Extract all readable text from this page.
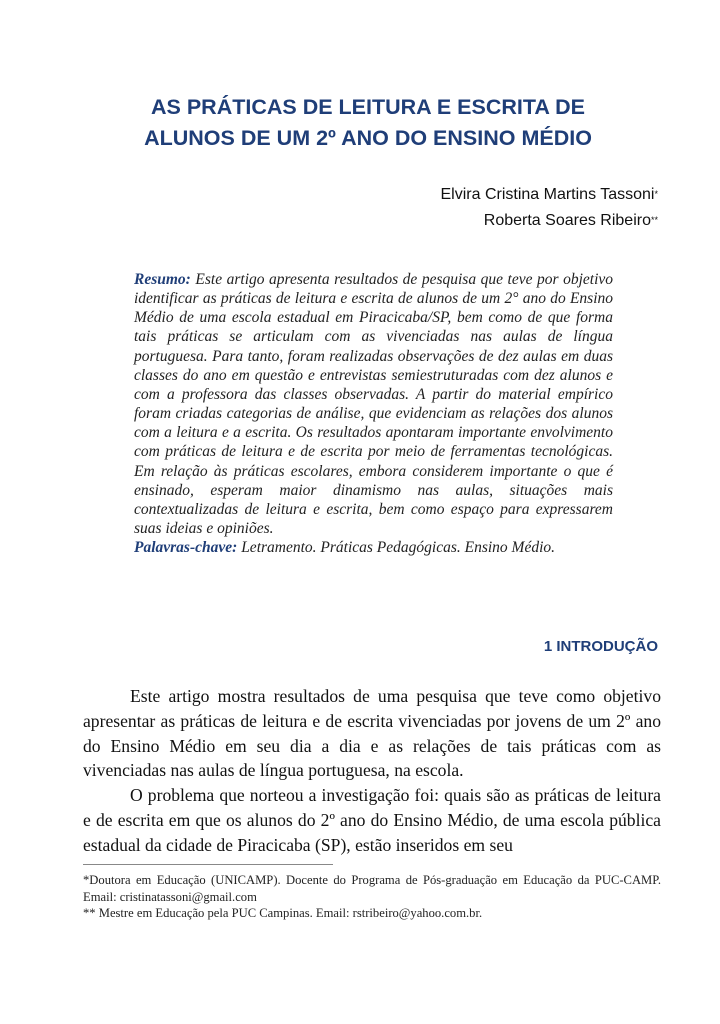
AS PRÁTICAS DE LEITURA E ESCRITA DE
ALUNOS DE UM 2º ANO DO ENSINO MÉDIO
Elvira Cristina Martins Tassoni*
Roberta Soares Ribeiro**

Resumo: Este artigo apresenta resultados de pesquisa que teve por objetivo identificar as práticas de leitura e escrita de alunos de um 2° ano do Ensino Médio de uma escola estadual em Piracicaba/SP, bem como de que forma tais práticas se articulam com as vivenciadas nas aulas de língua portuguesa. Para tanto, foram realizadas observações de dez aulas em duas classes do ano em questão e entrevistas semiestruturadas com dez alunos e com a professora das classes observadas. A partir do material empírico foram criadas categorias de análise, que evidenciam as relações dos alunos com a leitura e a escrita. Os resultados apontaram importante envolvimento com práticas de leitura e de escrita por meio de ferramentas tecnológicas. Em relação às práticas escolares, embora considerem importante o que é ensinado, esperam maior dinamismo nas aulas, situações mais contextualizadas de leitura e escrita, bem como espaço para expressarem suas ideias e opiniões.

Palavras-chave: Letramento. Práticas Pedagógicas. Ensino Médio.

1 INTRODUÇÃO

Este artigo mostra resultados de uma pesquisa que teve como objetivo apresentar as práticas de leitura e de escrita vivenciadas por jovens de um 2º ano do Ensino Médio em seu dia a dia e as relações de tais práticas com as vivenciadas nas aulas de língua portuguesa, na escola.

O problema que norteou a investigação foi: quais são as práticas de leitura e de escrita em que os alunos do 2º ano do Ensino Médio, de uma escola pública estadual da cidade de Piracicaba (SP), estão inseridos em seu

*Doutora em Educação (UNICAMP). Docente do Programa de Pós-graduação em Educação da PUC-CAMP. Email: cristinatassoni@gmail.com

** Mestre em Educação pela PUC Campinas. Email: rstribeiro@yahoo.com.br.
